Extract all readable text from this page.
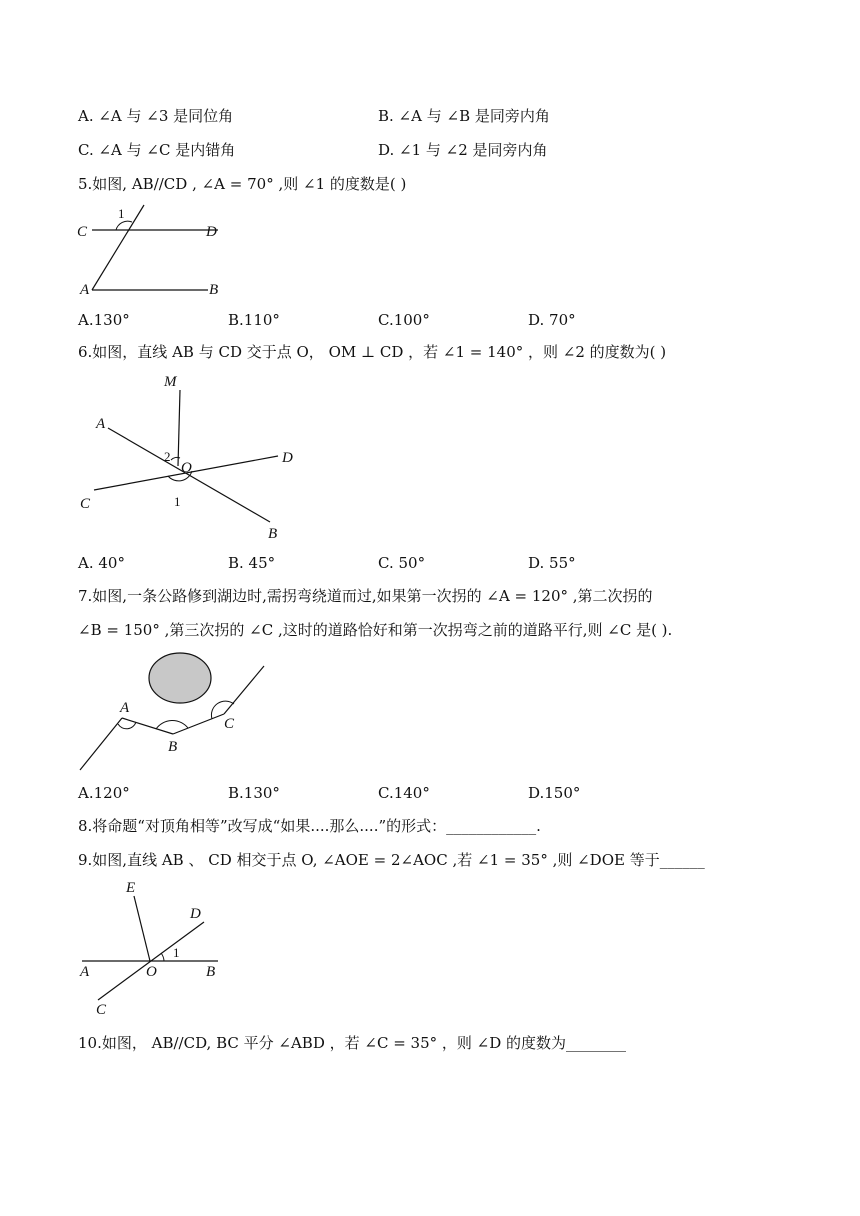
A. ∠A 与 ∠3 是同位角	B. ∠A 与 ∠B 是同旁内角
C. ∠A 与 ∠C 是内错角	D. ∠1 与 ∠2 是同旁内角
5.如图, AB//CD , ∠A = 70° ,则 ∠1 的度数是( )
C	D
A	B
1
A.130°	B.110°	C.100°	D. 70°
6.如图，直线 AB 与 CD 交于点 O， OM ⊥ CD ，若 ∠1 = 140° ，则 ∠2 的度数为( )
M
A
D
C
B
O
1
2
A. 40°	B. 45°	C. 50°	D. 55°
7.如图,一条公路修到湖边时,需拐弯绕道而过,如果第一次拐的 ∠A = 120° ,第二次拐的
∠B = 150° ,第三次拐的 ∠C ,这时的道路恰好和第一次拐弯之前的道路平行,则 ∠C 是( ).
A
B
C
A.120°	B.130°	C.140°	D.150°
8.将命题“对顶角相等”改写成“如果....那么....”的形式：____________.
9.如图,直线 AB 、 CD 相交于点 O, ∠AOE = 2∠AOC ,若 ∠1 = 35° ,则 ∠DOE 等于______
E
D
A	O	B
C
1
10.如图， AB//CD, BC 平分 ∠ABD ，若 ∠C = 35° ，则 ∠D 的度数为________
